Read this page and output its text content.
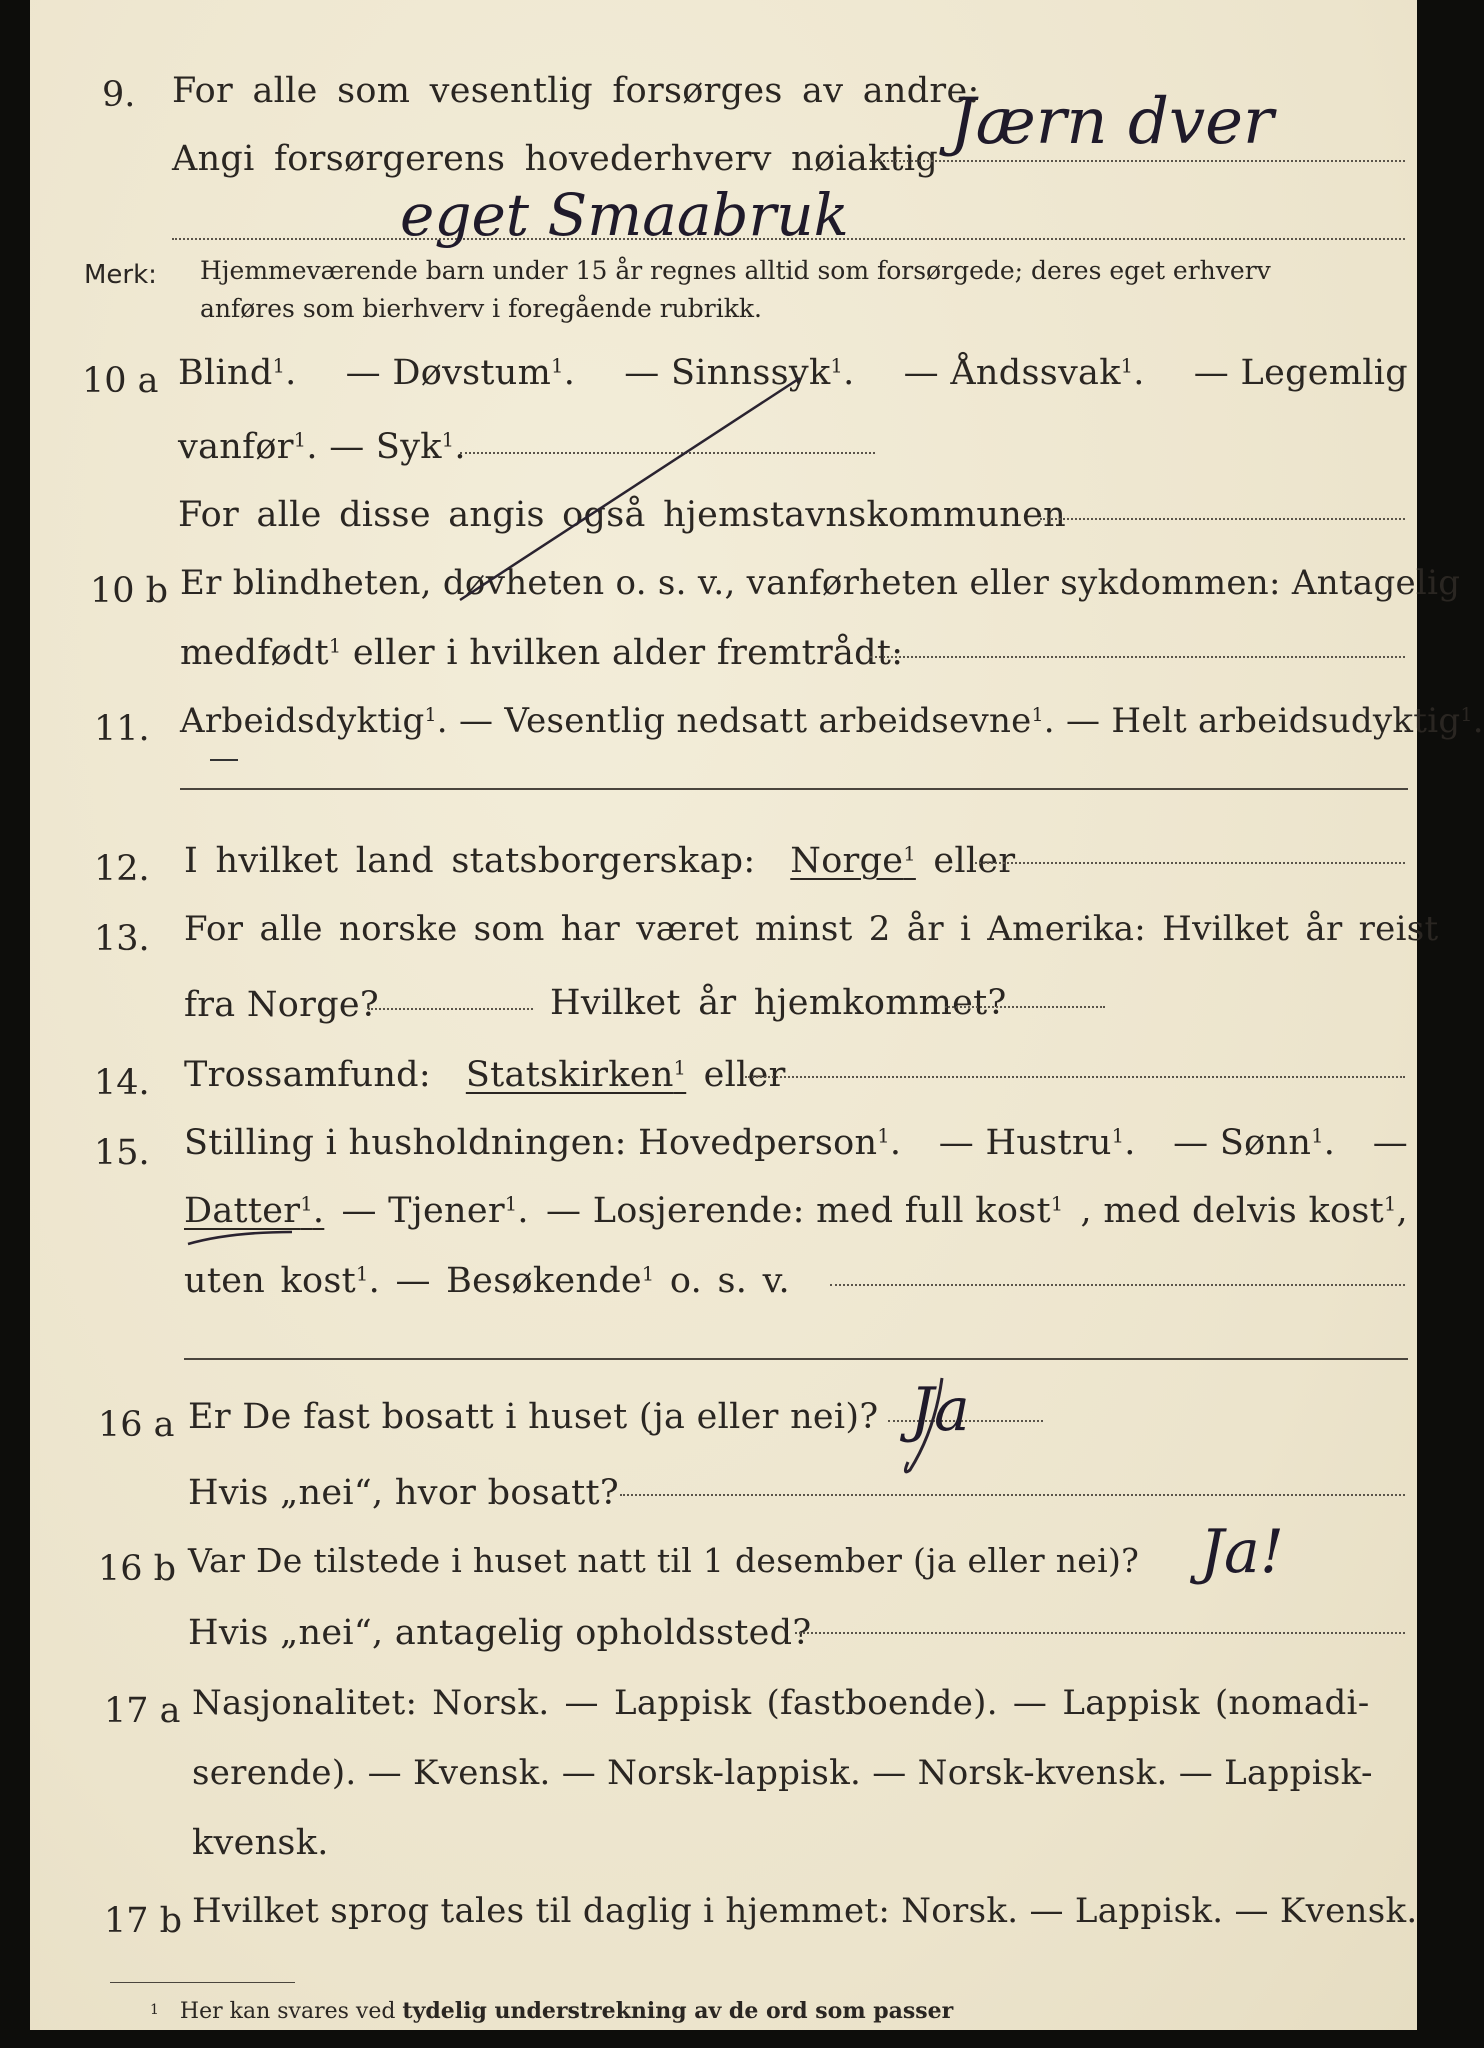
9. For alle som vesentlig forsørges av andre:
Angi forsørgerens hovederhverv nøiaktig Jærn dver
eget Smaabruk
Merk: Hjemmeværende barn under 15 år regnes alltid som forsørgede; deres eget erhverv
anføres som bierhverv i foregående rubrikk.
10 a Blind$^1$. — Døvstum$^1$. — Sinnssyk$^1$. — Åndssvak$^1$. — Legemlig
vanfør$^1$. — Syk$^1$.
For alle disse angis også hjemstavnskommunen
10 b Er blindheten, døvheten o. s. v., vanførheten eller sykdommen: Antagelig
medfødt$^1$ eller i hvilken alder fremtrådt:
11. Arbeidsdyktig$^1$. — Vesentlig nedsatt arbeidsevne$^1$. — Helt arbeidsudyktig$^1$.
12. I hvilket land statsborgerskap: Norge$^1$ eller
13. For alle norske som har været minst 2 år i Amerika: Hvilket år reist
fra Norge?	Hvilket år hjemkommet?
14. Trossamfund: Statskirken$^1$ eller
15. Stilling i husholdningen: Hovedperson$^1$. — Hustru$^1$. — Sønn$^1$. —
Datter$^1$. — Tjener$^1$. — Losjerende: med full kost$^1$ , med delvis kost$^1$,
uten kost$^1$. — Besøkende$^1$ o. s. v.
16 a Er De fast bosatt i huset (ja eller nei)? Ja
Hvis „nei“, hvor bosatt?
16 b Var De tilstede i huset natt til 1 desember (ja eller nei)? Ja!
Hvis „nei“, antagelig opholdssted?
17 a Nasjonalitet: Norsk. — Lappisk (fastboende). — Lappisk (nomadi-
serende). — Kvensk. — Norsk-lappisk. — Norsk-kvensk. — Lappisk-
kvensk.
17 b Hvilket sprog tales til daglig i hjemmet: Norsk. — Lappisk. — Kvensk.
1 Her kan svares ved tydelig understrekning av de ord som passer
